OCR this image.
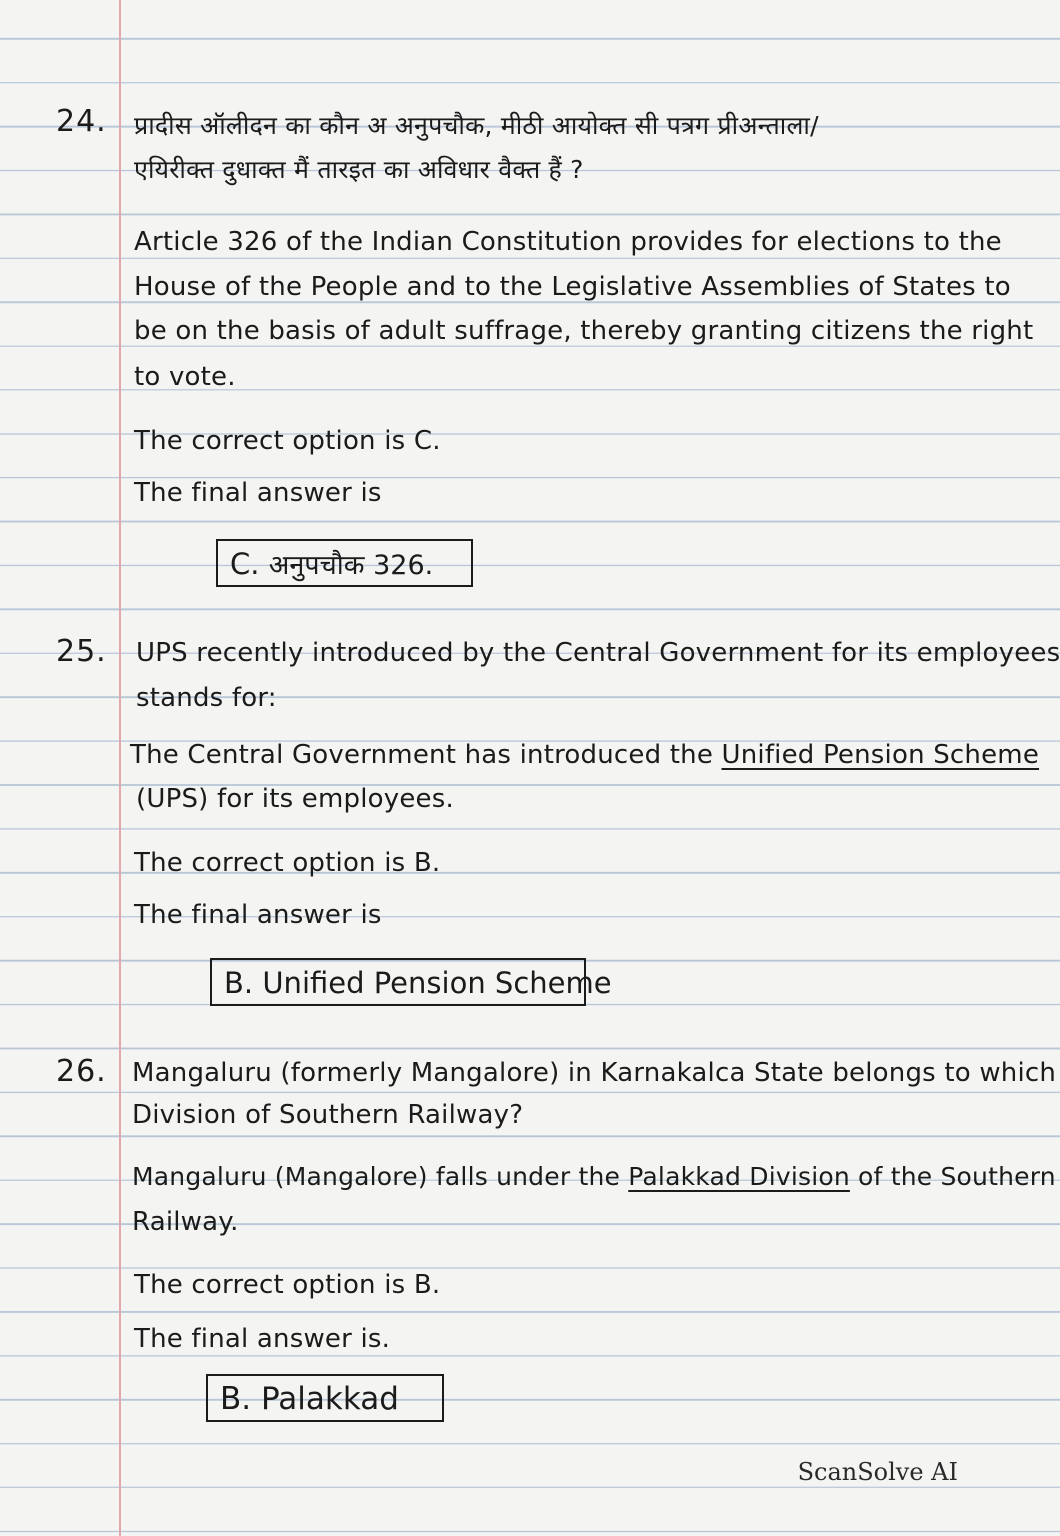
24. प्रादीस ऑलीदन का कौन अ अनुपचौक, मीठी आयोक्त सी पत्रग प्रीअन्ताला/
एयिरीक्त दुधाक्त मैं तारइत का अविधार वैक्त हैं ?
Article 326 of the Indian Constitution provides for elections to the
House of the People and to the Legislative Assemblies of States to
be on the basis of adult suffrage, thereby granting citizens the right
to vote.
The correct option is C.
The final answer is
C. अनुपचौक 326.
25. UPS recently introduced by the Central Government for its employees
stands for:
The Central Government has introduced the Unified Pension Scheme
(UPS) for its employees.
The correct option is B.
The final answer is
B. Unified Pension Scheme
26. Mangaluru (formerly Mangalore) in Karnakalca State belongs to which
Division of Southern Railway?
Mangaluru (Mangalore) falls under the Palakkad Division of the Southern
Railway.
The correct option is B.
The final answer is.
B. Palakkad
ScanSolve AI
